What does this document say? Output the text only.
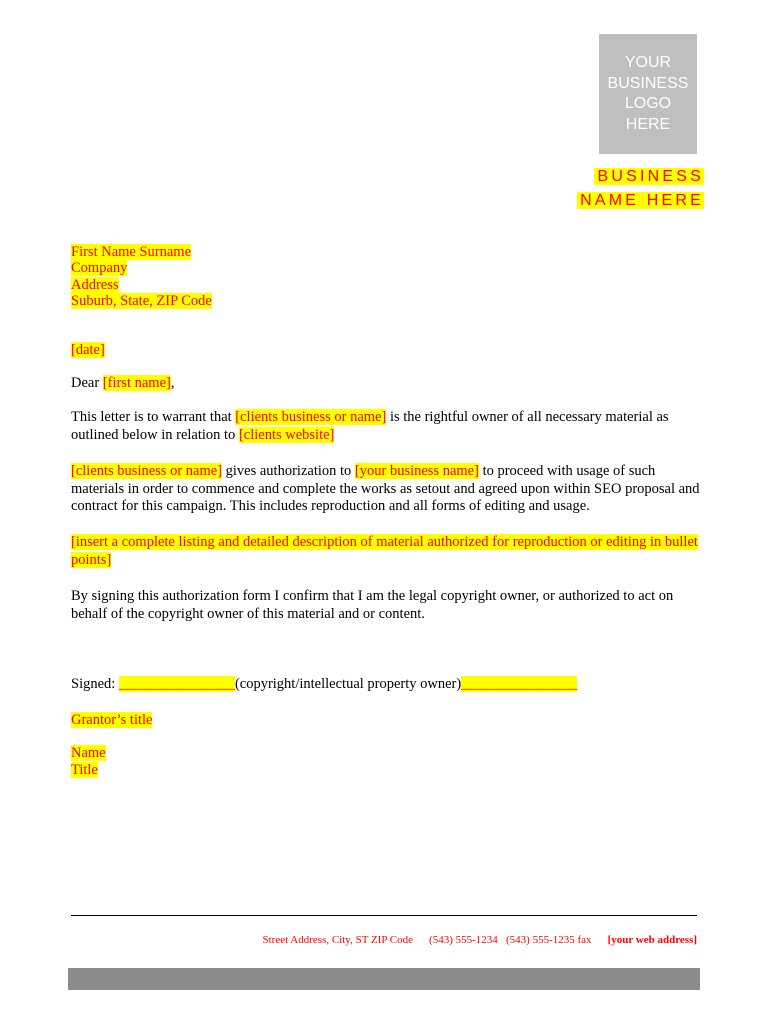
YOUR
BUSINESS
LOGO
HERE
BUSINESS
NAME HERE
First Name Surname
Company
Address
Suburb, State, ZIP Code
[date]
Dear [first name],
This letter is to warrant that [clients business or name] is the rightful owner of all necessary material as outlined below in relation to [clients website]
[clients business or name] gives authorization to [your business name] to proceed with usage of such materials in order to commence and complete the works as setout and agreed upon within SEO proposal and contract for this campaign. This includes reproduction and all forms of editing and usage.
[insert a complete listing and detailed description of material authorized for reproduction or editing in bullet points]
By signing this authorization form I confirm that I am the legal copyright owner, or authorized to act on behalf of the copyright owner of this material and or content.
Signed: ________________(copyright/intellectual property owner)________________
Grantor’s title
Name
Title
Street Address, City, ST ZIP Code (543) 555-1234   (543) 555-1235 fax [your web address]
